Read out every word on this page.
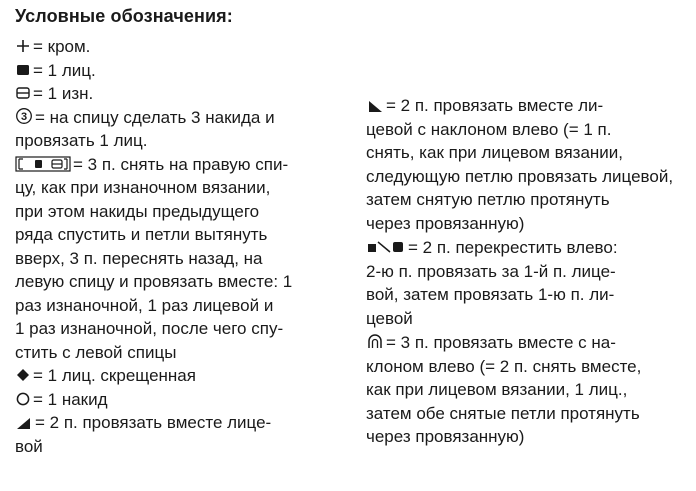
Условные обозначения:
= кром.
= 1 лиц.
= 1 изн.
3 = на спицу сделать 3 накида и
провязать 1 лиц.
= 3 п. снять на правую спи-
цу, как при изнаночном вязании,
при этом накиды предыдущего
ряда спустить и петли вытянуть
вверх, 3 п. переснять назад, на
левую спицу и провязать вместе: 1
раз изнаночной, 1 раз лицевой и
1 раз изнаночной, после чего спу-
стить с левой спицы
= 1 лиц. скрещенная
= 1 накид
= 2 п. провязать вместе лице-
вой
= 2 п. провязать вместе ли-
цевой с наклоном влево (= 1 п.
снять, как при лицевом вязании,
следующую петлю провязать лицевой,
затем снятую петлю протянуть
через провязанную)
= 2 п. перекрестить влево:
2-ю п. провязать за 1-й п. лице-
вой, затем провязать 1-ю п. ли-
цевой
= 3 п. провязать вместе с на-
клоном влево (= 2 п. снять вместе,
как при лицевом вязании, 1 лиц.,
затем обе снятые петли протянуть
через провязанную)
